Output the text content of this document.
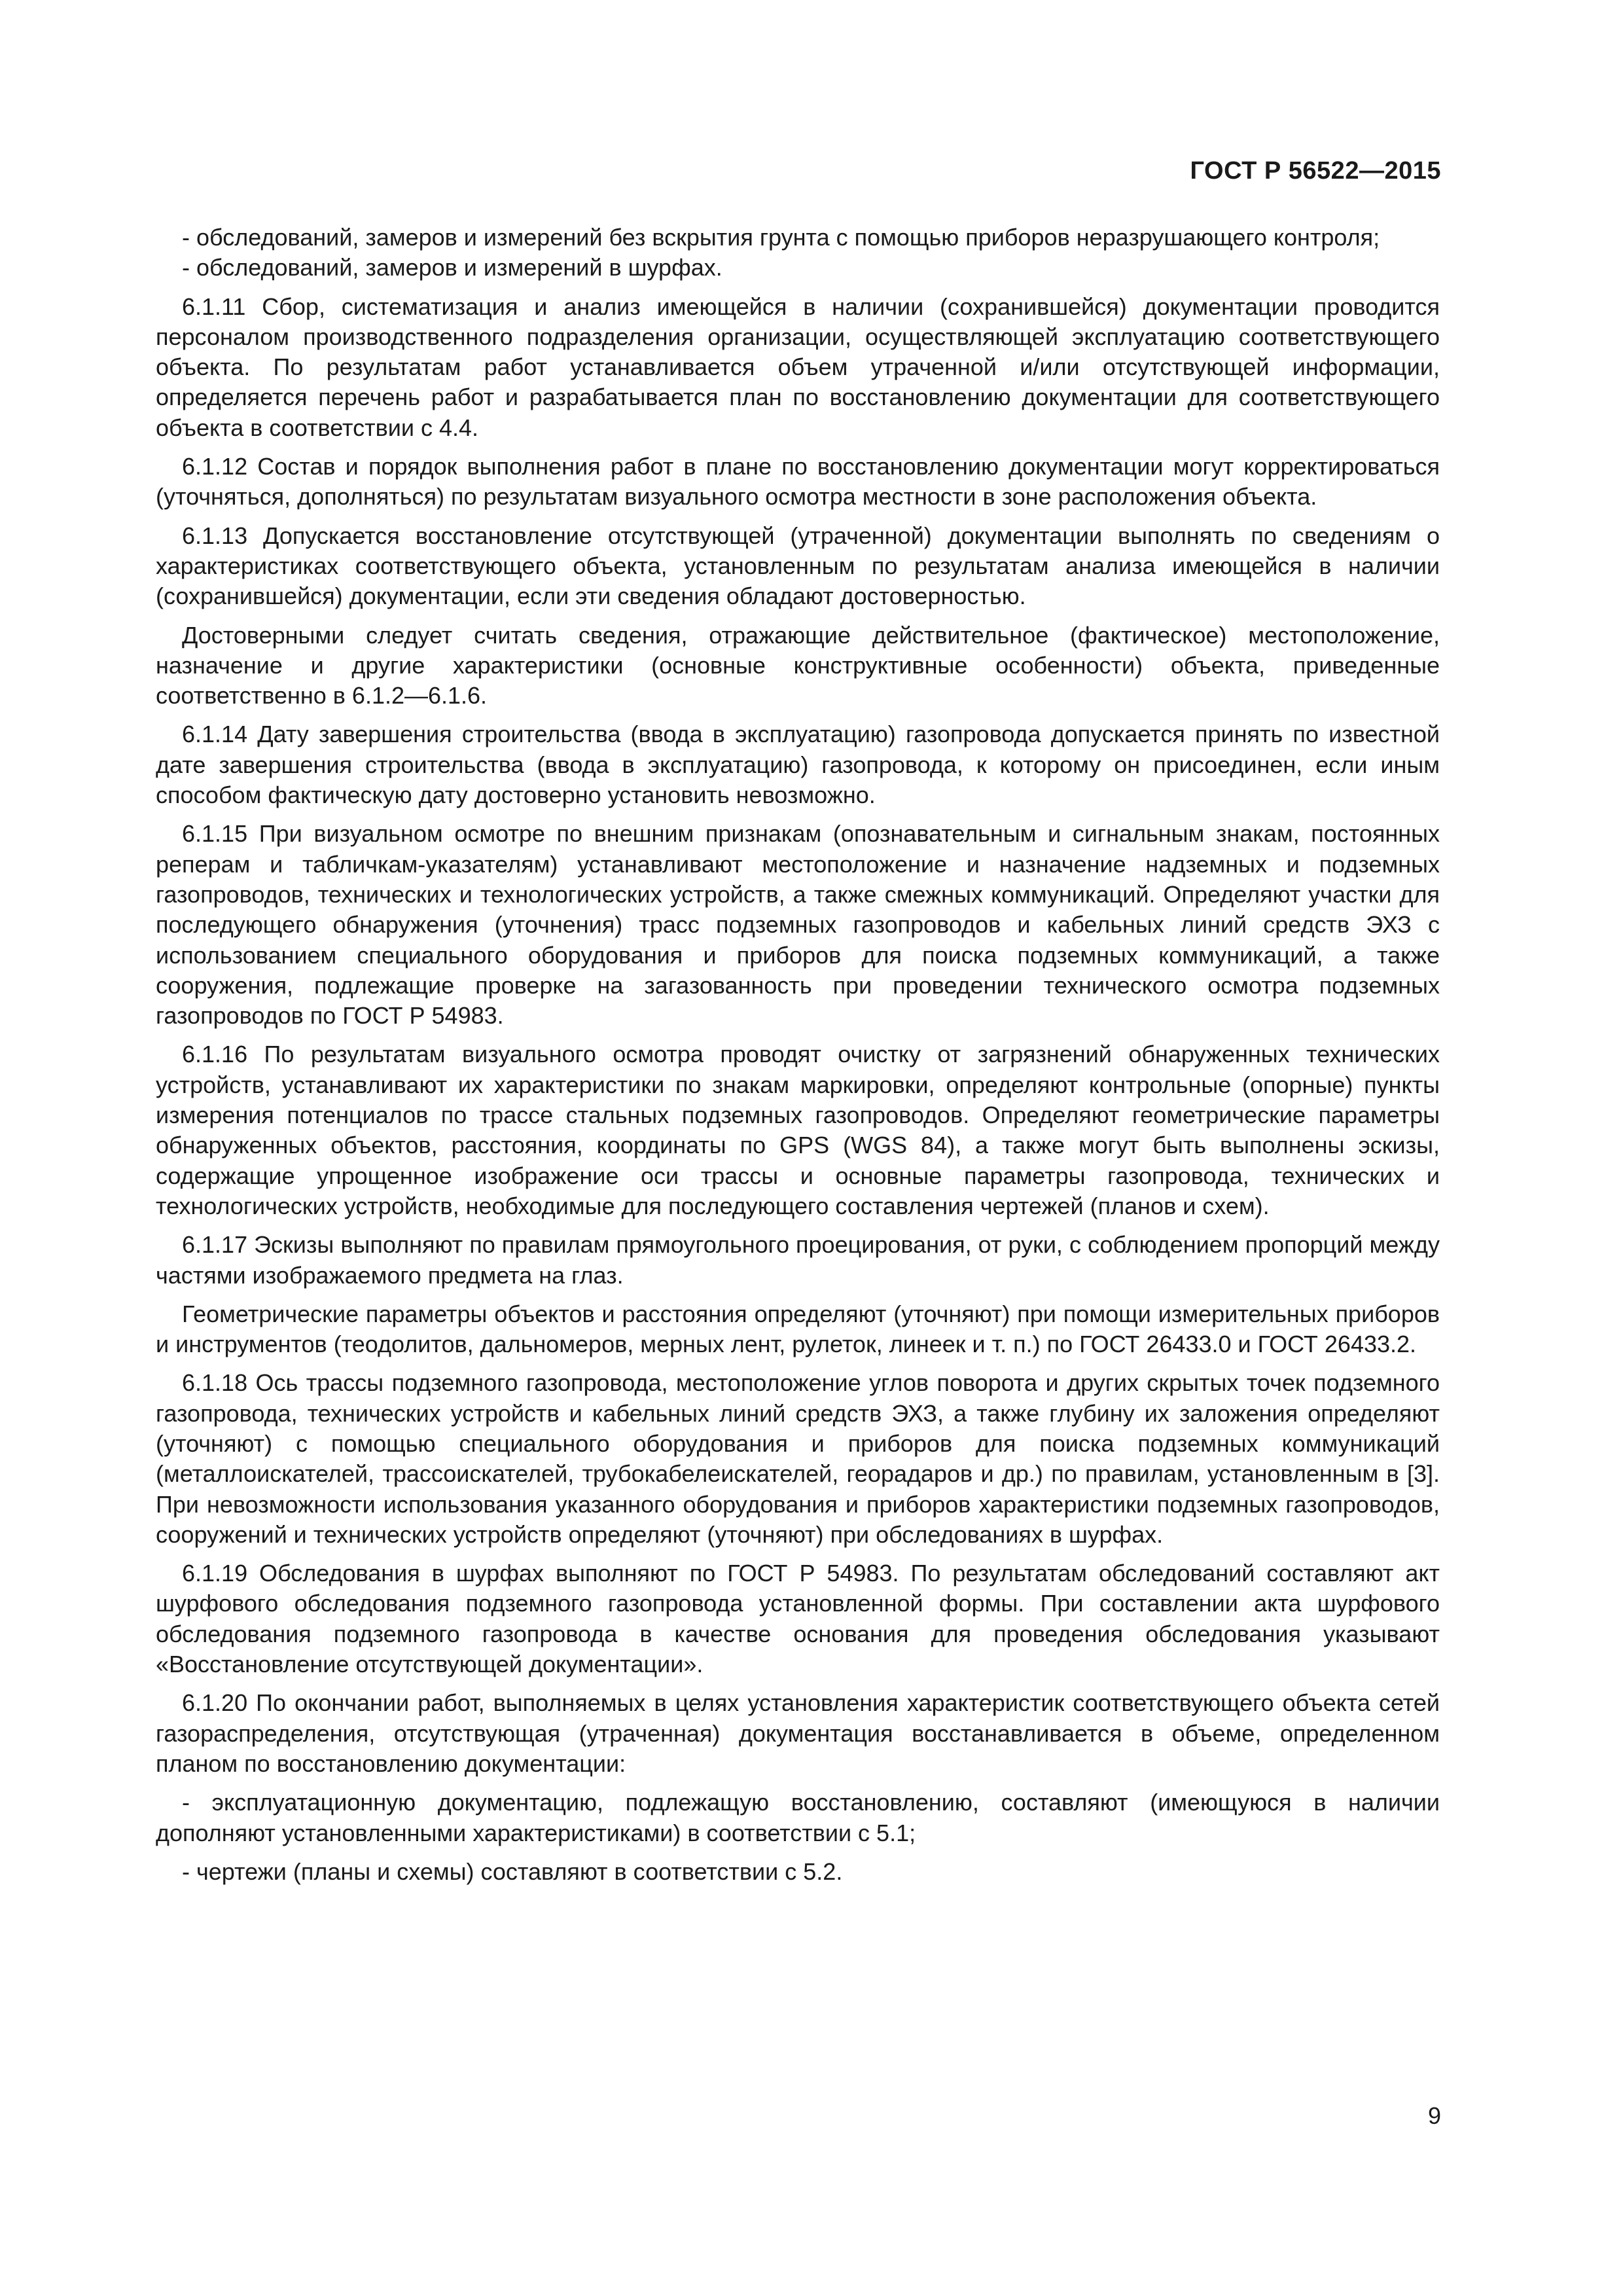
ГОСТ Р 56522—2015

- обследований, замеров и измерений без вскрытия грунта с помощью приборов неразрушающего контроля;

- обследований, замеров и измерений в шурфах.

6.1.11 Сбор, систематизация и анализ имеющейся в наличии (сохранившейся) документации проводится персоналом производственного подразделения организации, осуществляющей эксплуатацию соответствующего объекта. По результатам работ устанавливается объем утраченной и/или отсутствующей информации, определяется перечень работ и разрабатывается план по восстановлению документации для соответствующего объекта в соответствии с 4.4.

6.1.12 Состав и порядок выполнения работ в плане по восстановлению документации могут корректироваться (уточняться, дополняться) по результатам визуального осмотра местности в зоне расположения объекта.

6.1.13 Допускается восстановление отсутствующей (утраченной) документации выполнять по сведениям о характеристиках соответствующего объекта, установленным по результатам анализа имеющейся в наличии (сохранившейся) документации, если эти сведения обладают достоверностью.

Достоверными следует считать сведения, отражающие действительное (фактическое) местоположение, назначение и другие характеристики (основные конструктивные особенности) объекта, приведенные соответственно в 6.1.2—6.1.6.

6.1.14 Дату завершения строительства (ввода в эксплуатацию) газопровода допускается принять по известной дате завершения строительства (ввода в эксплуатацию) газопровода, к которому он присоединен, если иным способом фактическую дату достоверно установить невозможно.

6.1.15 При визуальном осмотре по внешним признакам (опознавательным и сигнальным знакам, постоянных реперам и табличкам-указателям) устанавливают местоположение и назначение надземных и подземных газопроводов, технических и технологических устройств, а также смежных коммуникаций. Определяют участки для последующего обнаружения (уточнения) трасс подземных газопроводов и кабельных линий средств ЭХЗ с использованием специального оборудования и приборов для поиска подземных коммуникаций, а также сооружения, подлежащие проверке на загазованность при проведении технического осмотра подземных газопроводов по ГОСТ Р 54983.

6.1.16 По результатам визуального осмотра проводят очистку от загрязнений обнаруженных технических устройств, устанавливают их характеристики по знакам маркировки, определяют контрольные (опорные) пункты измерения потенциалов по трассе стальных подземных газопроводов. Определяют геометрические параметры обнаруженных объектов, расстояния, координаты по GPS (WGS 84), а также могут быть выполнены эскизы, содержащие упрощенное изображение оси трассы и основные параметры газопровода, технических и технологических устройств, необходимые для последующего составления чертежей (планов и схем).

6.1.17 Эскизы выполняют по правилам прямоугольного проецирования, от руки, с соблюдением пропорций между частями изображаемого предмета на глаз.

Геометрические параметры объектов и расстояния определяют (уточняют) при помощи измерительных приборов и инструментов (теодолитов, дальномеров, мерных лент, рулеток, линеек и т. п.) по ГОСТ 26433.0 и ГОСТ 26433.2.

6.1.18 Ось трассы подземного газопровода, местоположение углов поворота и других скрытых точек подземного газопровода, технических устройств и кабельных линий средств ЭХЗ, а также глубину их заложения определяют (уточняют) с помощью специального оборудования и приборов для поиска подземных коммуникаций (металлоискателей, трассоискателей, трубокабелеискателей, георадаров и др.) по правилам, установленным в [3]. При невозможности использования указанного оборудования и приборов характеристики подземных газопроводов, сооружений и технических устройств определяют (уточняют) при обследованиях в шурфах.

6.1.19 Обследования в шурфах выполняют по ГОСТ Р 54983. По результатам обследований составляют акт шурфового обследования подземного газопровода установленной формы. При составлении акта шурфового обследования подземного газопровода в качестве основания для проведения обследования указывают «Восстановление отсутствующей документации».

6.1.20 По окончании работ, выполняемых в целях установления характеристик соответствующего объекта сетей газораспределения, отсутствующая (утраченная) документация восстанавливается в объеме, определенном планом по восстановлению документации:

- эксплуатационную документацию, подлежащую восстановлению, составляют (имеющуюся в наличии дополняют установленными характеристиками) в соответствии с 5.1;

- чертежи (планы и схемы) составляют в соответствии с 5.2.

9
